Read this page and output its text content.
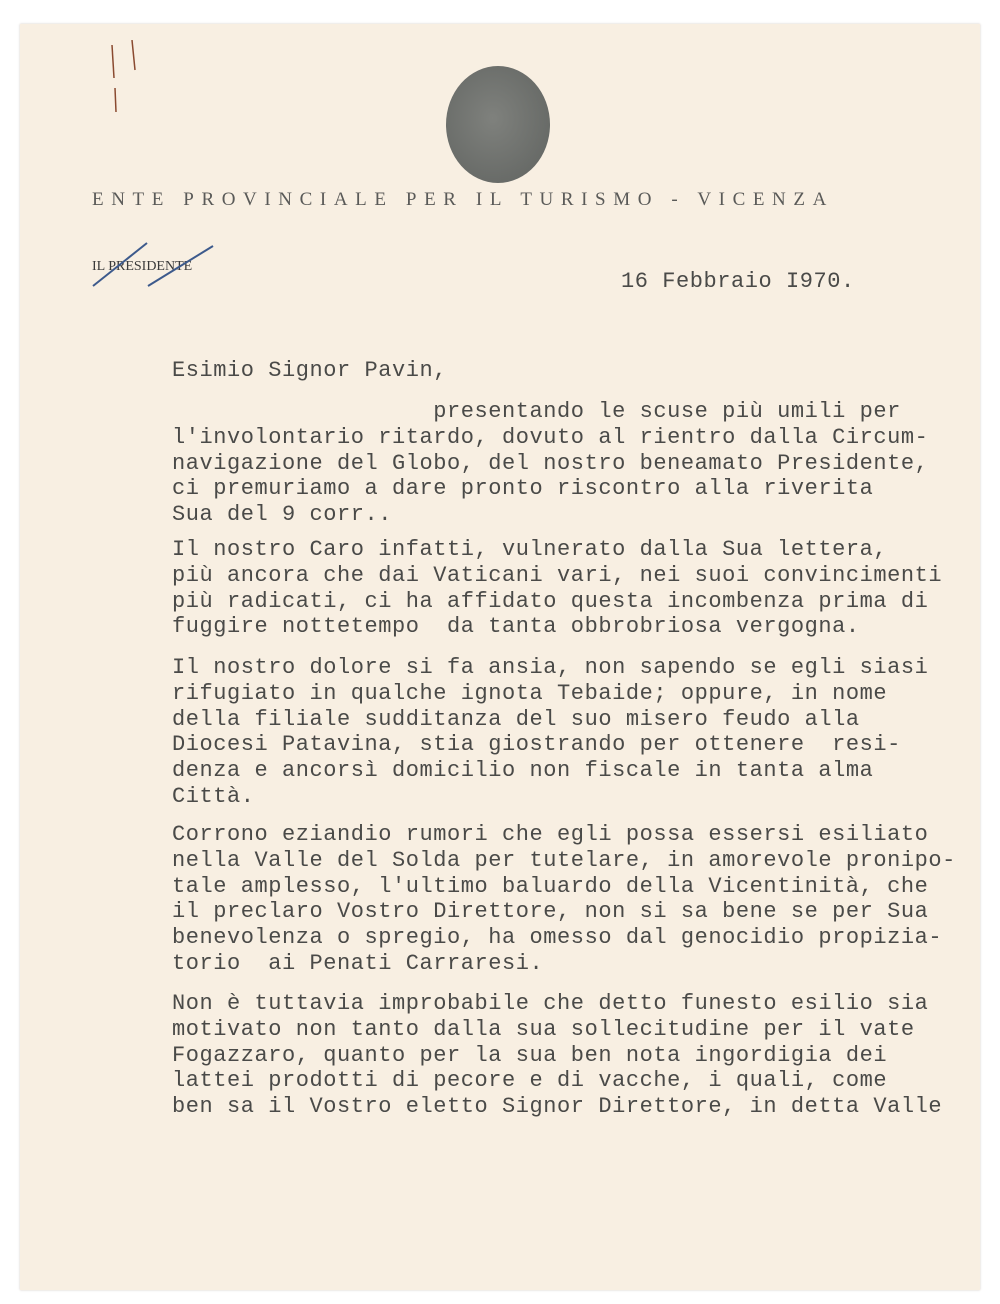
ENTE PROVINCIALE PER IL TURISMO - VICENZA
IL PRESIDENTE
16 Febbraio I970.
Esimio Signor Pavin,
presentando le scuse più umili per
l'involontario ritardo, dovuto al rientro dalla Circum-
navigazione del Globo, del nostro beneamato Presidente,
ci premuriamo a dare pronto riscontro alla riverita
Sua del 9 corr..
Il nostro Caro infatti, vulnerato dalla Sua lettera,
più ancora che dai Vaticani vari, nei suoi convincimenti
più radicati, ci ha affidato questa incombenza prima di
fuggire nottetempo  da tanta obbrobriosa vergogna.
Il nostro dolore si fa ansia, non sapendo se egli siasi
rifugiato in qualche ignota Tebaide; oppure, in nome
della filiale sudditanza del suo misero feudo alla
Diocesi Patavina, stia giostrando per ottenere  resi-
denza e ancorsì domicilio non fiscale in tanta alma
Città.
Corrono eziandio rumori che egli possa essersi esiliato
nella Valle del Solda per tutelare, in amorevole pronipo-
tale amplesso, l'ultimo baluardo della Vicentinità, che
il preclaro Vostro Direttore, non si sa bene se per Sua
benevolenza o spregio, ha omesso dal genocidio propizia-
torio  ai Penati Carraresi.
Non è tuttavia improbabile che detto funesto esilio sia
motivato non tanto dalla sua sollecitudine per il vate
Fogazzaro, quanto per la sua ben nota ingordigia dei
lattei prodotti di pecore e di vacche, i quali, come
ben sa il Vostro eletto Signor Direttore, in detta Valle
